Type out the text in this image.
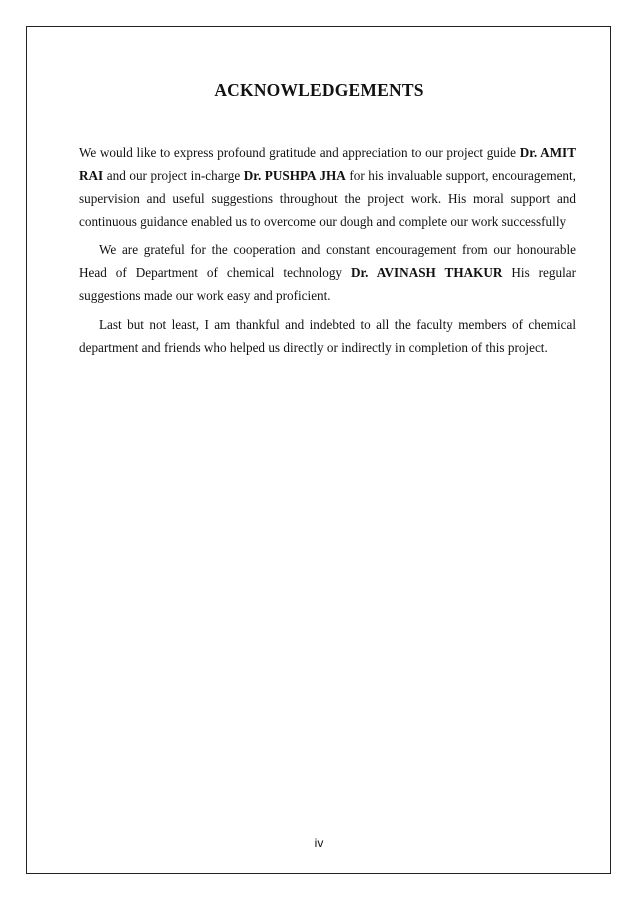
ACKNOWLEDGEMENTS

We would like to express profound gratitude and appreciation to our project guide Dr. AMIT RAI and our project in-charge Dr. PUSHPA JHA for his invaluable support, encouragement, supervision and useful suggestions throughout the project work. His moral support and continuous guidance enabled us to overcome our dough and complete our work successfully

We are grateful for the cooperation and constant encouragement from our honourable Head of Department of chemical technology Dr. AVINASH THAKUR His regular suggestions made our work easy and proficient.

Last but not least, I am thankful and indebted to all the faculty members of chemical department and friends who helped us directly or indirectly in completion of this project.

iv
